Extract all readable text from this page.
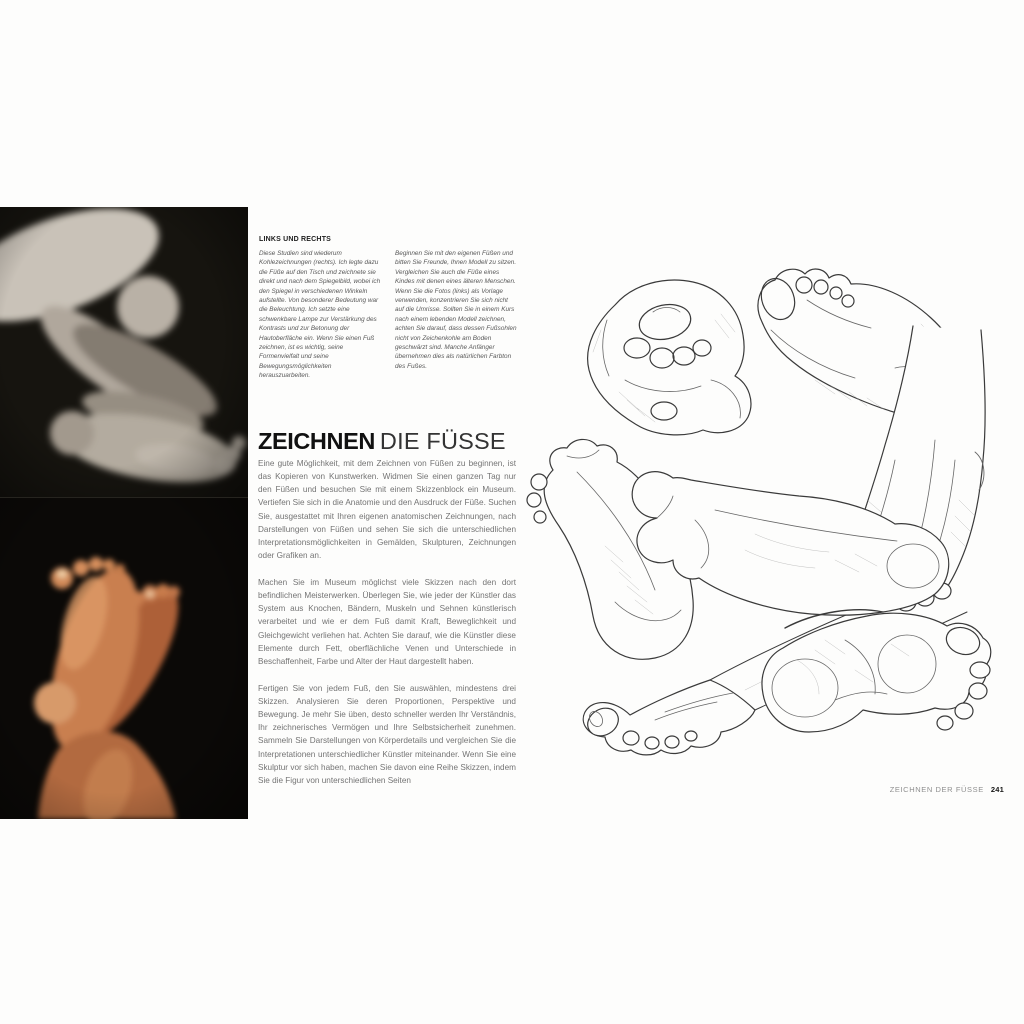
LINKS UND RECHTS
Diese Studien sind wiederum Kohlezeichnungen (rechts). Ich legte dazu die Füße auf den Tisch und zeichnete sie direkt und nach dem Spiegelbild, wobei ich den Spiegel in verschiedenen Winkeln aufstellte. Von besonderer Bedeutung war die Beleuchtung. Ich setzte eine schwenkbare Lampe zur Verstärkung des Kontrasts und zur Betonung der Hautoberfläche ein. Wenn Sie einen Fuß zeichnen, ist es wichtig, seine Formenvielfalt und seine Bewegungsmöglichkeiten herauszuarbeiten.
Beginnen Sie mit den eigenen Füßen und bitten Sie Freunde, Ihnen Modell zu sitzen. Vergleichen Sie auch die Füße eines Kindes mit denen eines älteren Menschen. Wenn Sie die Fotos (links) als Vorlage verwenden, konzentrieren Sie sich nicht auf die Umrisse. Sollten Sie in einem Kurs nach einem lebenden Modell zeichnen, achten Sie darauf, dass dessen Fußsohlen nicht von Zeichenkohle am Boden geschwärzt sind. Manche Anfänger übernehmen dies als natürlichen Farbton des Fußes.
ZEICHNEN DIE FÜSSE

Eine gute Möglichkeit, mit dem Zeichnen von Füßen zu beginnen, ist das Kopieren von Kunstwerken. Widmen Sie einen ganzen Tag nur den Füßen und besuchen Sie mit einem Skizzenblock ein Museum. Vertiefen Sie sich in die Anatomie und den Ausdruck der Füße. Suchen Sie, ausgestattet mit Ihren eigenen anatomischen Zeichnungen, nach Darstellungen von Füßen und sehen Sie sich die unterschiedlichen Interpretationsmöglichkeiten in Gemälden, Skulpturen, Zeichnungen oder Grafiken an.

Machen Sie im Museum möglichst viele Skizzen nach den dort befindlichen Meisterwerken. Überlegen Sie, wie jeder der Künstler das System aus Knochen, Bändern, Muskeln und Sehnen künstlerisch verarbeitet und wie er dem Fuß damit Kraft, Beweglichkeit und Gleichgewicht verliehen hat. Achten Sie darauf, wie die Künstler diese Elemente durch Fett, oberflächliche Venen und Unterschiede in Beschaffenheit, Farbe und Alter der Haut dargestellt haben.

Fertigen Sie von jedem Fuß, den Sie auswählen, mindestens drei Skizzen. Analysieren Sie deren Proportionen, Perspektive und Bewegung. Je mehr Sie üben, desto schneller werden Ihr Verständnis, Ihr zeichnerisches Vermögen und Ihre Selbstsicherheit zunehmen. Sammeln Sie Darstellungen von Körperdetails und vergleichen Sie die Interpretationen unterschiedlicher Künstler miteinander. Wenn Sie eine Skulptur vor sich haben, machen Sie davon eine Reihe Skizzen, indem Sie die Figur von unterschiedlichen Seiten

ZEICHNEN DER FÜSSE 241
